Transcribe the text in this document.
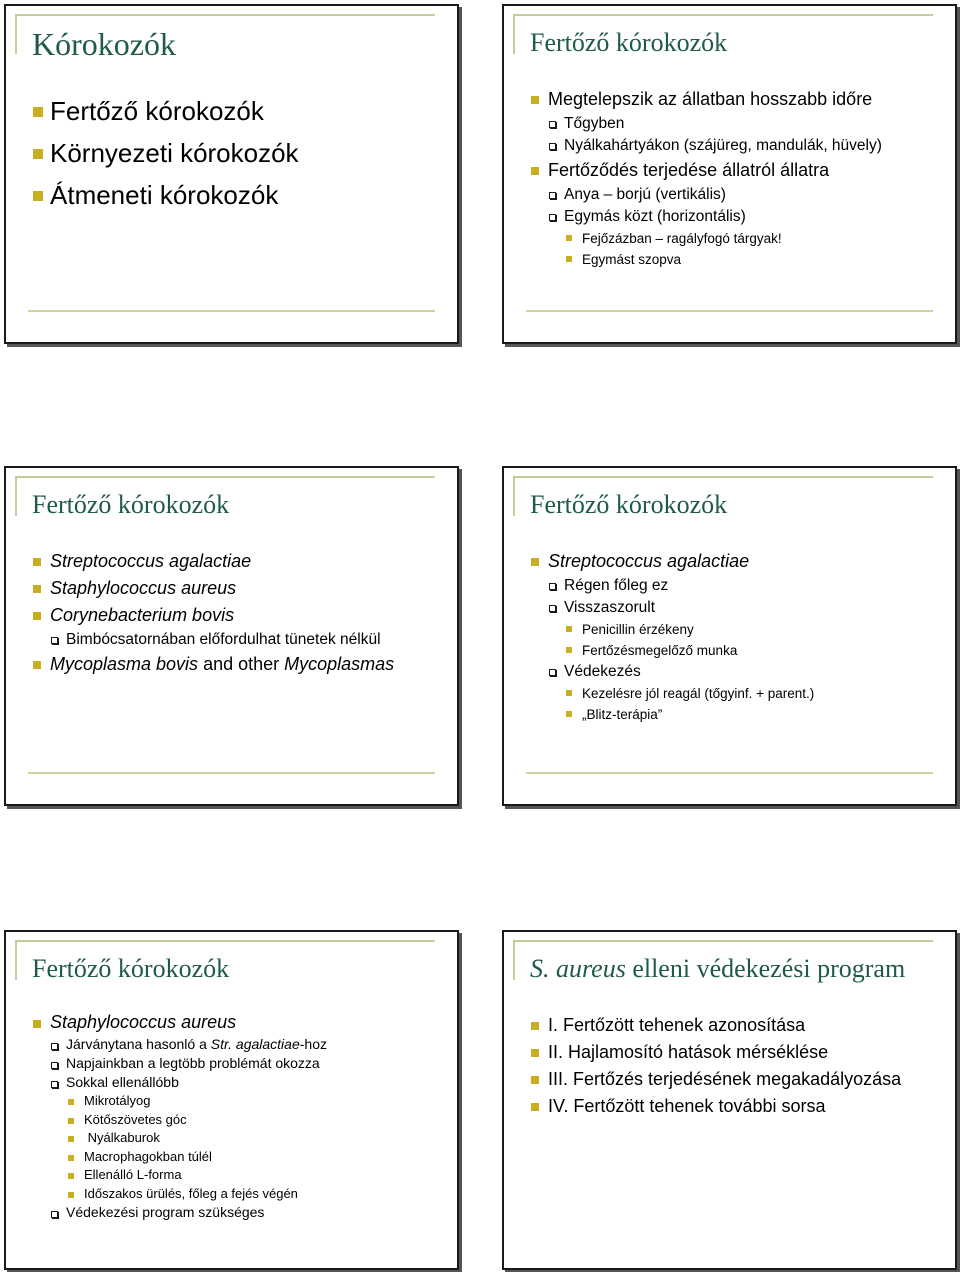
Kórokozók
Fertőző kórokozók
Környezeti kórokozók
Átmeneti kórokozók
Fertőző kórokozók
Megtelepszik az állatban hosszabb időre
Tőgyben
Nyálkahártyákon (szájüreg, mandulák, hüvely)
Fertőződés terjedése állatról állatra
Anya – borjú (vertikális)
Egymás közt (horizontális)
Fejőzázban – ragályfogó tárgyak!
Egymást szopva
Fertőző kórokozók
Streptococcus agalactiae
Staphylococcus aureus
Corynebacterium bovis
Bimbócsatornában előfordulhat tünetek nélkül
Mycoplasma bovis and other Mycoplasmas
Fertőző kórokozók
Streptococcus agalactiae
Régen főleg ez
Visszaszorult
Penicillin érzékeny
Fertőzésmegelőző munka
Védekezés
Kezelésre jól reagál (tőgyinf. + parent.)
„Blitz-terápia”
Fertőző kórokozók
Staphylococcus aureus
Járványtana hasonló a Str. agalactiae-hoz
Napjainkban a legtöbb problémát okozza
Sokkal ellenállóbb
Mikrotályog
Kötőszövetes góc
Nyálkaburok
Macrophagokban túlél
Ellenálló L-forma
Időszakos ürülés, főleg a fejés végén
Védekezési program szükséges
S. aureus elleni védekezési program
I. Fertőzött tehenek azonosítása
II. Hajlamosító hatások mérséklése
III. Fertőzés terjedésének megakadályozása
IV. Fertőzött tehenek további sorsa
